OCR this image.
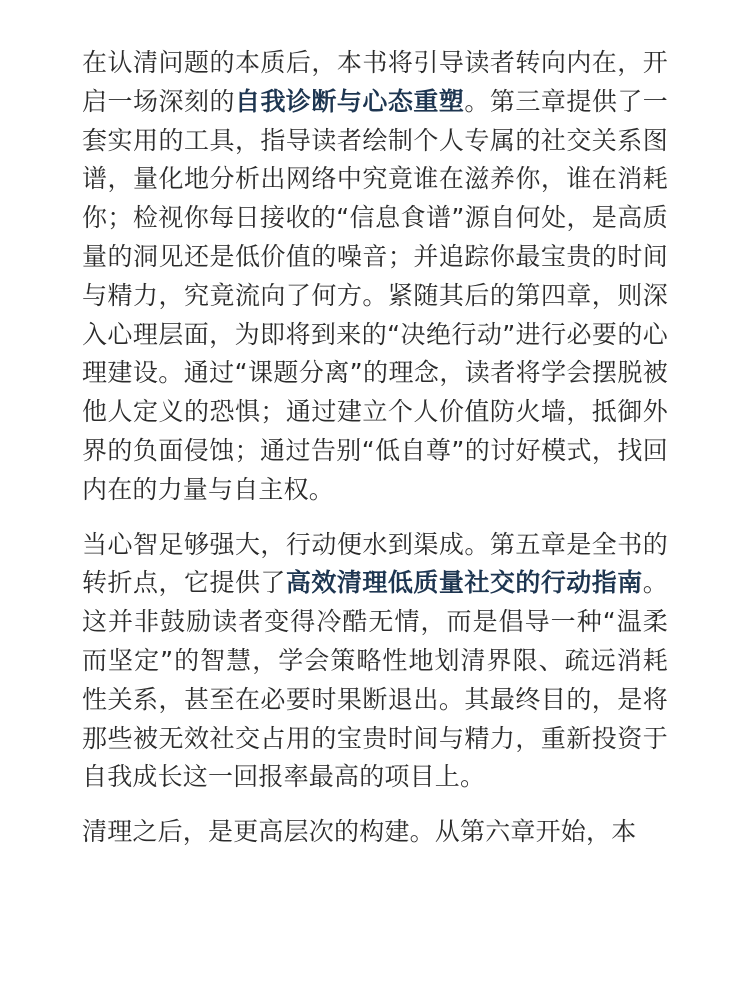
在认清问题的本质后，本书将引导读者转向内在，开启一场深刻的自我诊断与心态重塑。第三章提供了一套实用的工具，指导读者绘制个人专属的社交关系图谱，量化地分析出网络中究竟谁在滋养你，谁在消耗你；检视你每日接收的“信息食谱”源自何处，是高质量的洞见还是低价值的噪音；并追踪你最宝贵的时间与精力，究竟流向了何方。紧随其后的第四章，则深入心理层面，为即将到来的“决绝行动”进行必要的心理建设。通过“课题分离”的理念，读者将学会摆脱被他人定义的恐惧；通过建立个人价值防火墙，抵御外界的负面侵蚀；通过告别“低自尊”的讨好模式，找回内在的力量与自主权。

当心智足够强大，行动便水到渠成。第五章是全书的转折点，它提供了高效清理低质量社交的行动指南。这并非鼓励读者变得冷酷无情，而是倡导一种“温柔而坚定”的智慧，学会策略性地划清界限、疏远消耗性关系，甚至在必要时果断退出。其最终目的，是将那些被无效社交占用的宝贵时间与精力，重新投资于自我成长这一回报率最高的项目上。

清理之后，是更高层次的构建。从第六章开始，本
